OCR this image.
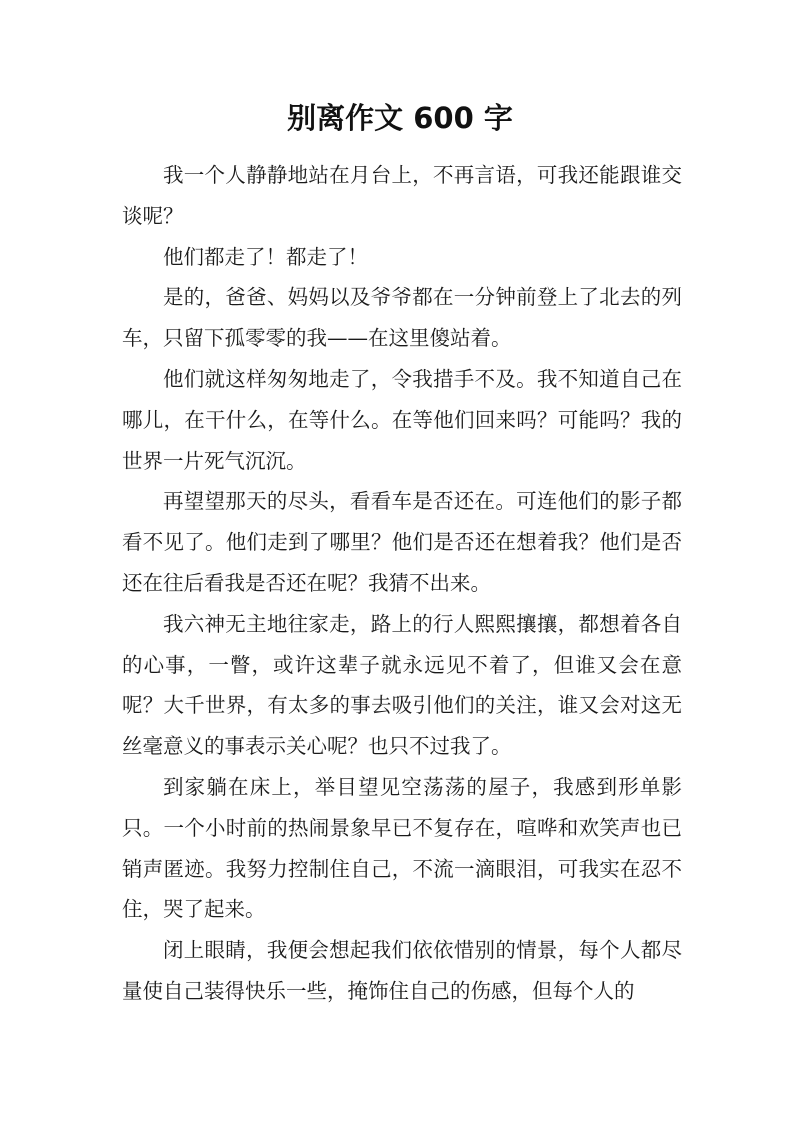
别离作文 600 字

我一个人静静地站在月台上，不再言语，可我还能跟谁交谈呢？

他们都走了！都走了！

是的，爸爸、妈妈以及爷爷都在一分钟前登上了北去的列车，只留下孤零零的我——在这里傻站着。

他们就这样匆匆地走了，令我措手不及。我不知道自己在哪儿，在干什么，在等什么。在等他们回来吗？可能吗？我的世界一片死气沉沉。

再望望那天的尽头，看看车是否还在。可连他们的影子都看不见了。他们走到了哪里？他们是否还在想着我？他们是否还在往后看我是否还在呢？我猜不出来。

我六神无主地往家走，路上的行人熙熙攘攘，都想着各自的心事，一瞥，或许这辈子就永远见不着了，但谁又会在意呢？大千世界，有太多的事去吸引他们的关注，谁又会对这无丝毫意义的事表示关心呢？也只不过我了。

到家躺在床上，举目望见空荡荡的屋子，我感到形单影只。一个小时前的热闹景象早已不复存在，喧哗和欢笑声也已销声匿迹。我努力控制住自己，不流一滴眼泪，可我实在忍不住，哭了起来。

闭上眼睛，我便会想起我们依依惜别的情景，每个人都尽量使自己装得快乐一些，掩饰住自己的伤感，但每个人的
